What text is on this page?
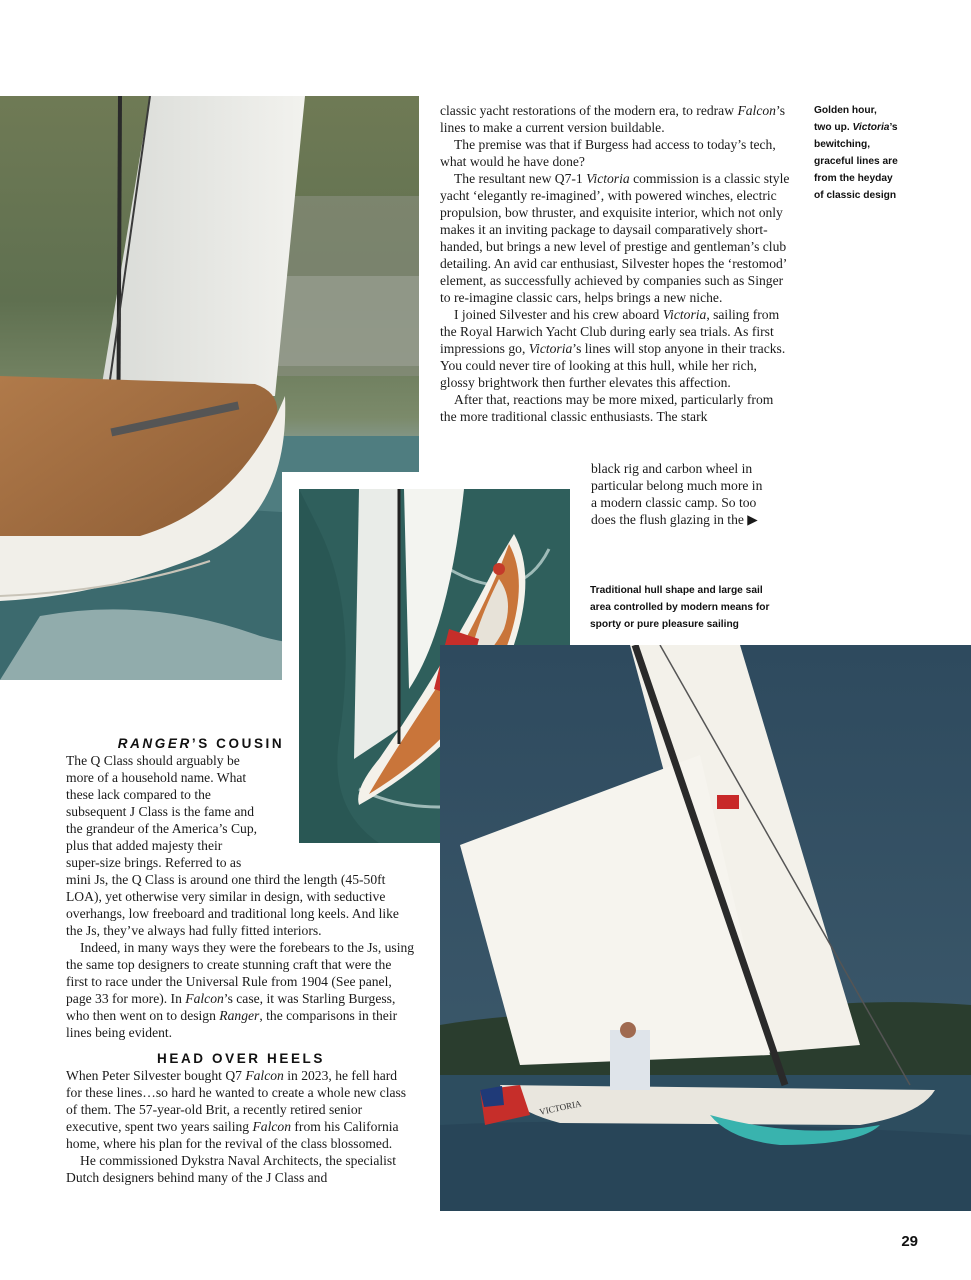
VICTORIA

classic yacht restorations of the modern era, to redraw Falcon’s lines to make a current version buildable.

The premise was that if Burgess had access to today’s tech, what would he have done?

The resultant new Q7-1 Victoria commission is a classic style yacht ‘elegantly re-imagined’, with powered winches, electric propulsion, bow thruster, and exquisite interior, which not only makes it an inviting package to daysail comparatively short-handed, but brings a new level of prestige and gentleman’s club detailing. An avid car enthusiast, Silvester hopes the ‘restomod’ element, as successfully achieved by companies such as Singer to re-imagine classic cars, helps brings a new niche.

I joined Silvester and his crew aboard Victoria, sailing from the Royal Harwich Yacht Club during early sea trials. As first impressions go, Victoria’s lines will stop anyone in their tracks. You could never tire of looking at this hull, while her rich, glossy brightwork then further elevates this affection.

After that, reactions may be more mixed, particularly from the more traditional classic enthusiasts. The stark

black rig and carbon wheel in
particular belong much more in
a modern classic camp. So too
does the flush glazing in the ▶
Golden hour,
two up. Victoria’s
bewitching,
graceful lines are
from the heyday
of classic design
Traditional hull shape and large sail
area controlled by modern means for
sporty or pure pleasure sailing
RANGER’S COUSIN
The Q Class should arguably be
more of a household name. What
these lack compared to the
subsequent J Class is the fame and
the grandeur of the America’s Cup,
plus that added majesty their
super-size brings. Referred to as

mini Js, the Q Class is around one third the length (45-50ft LOA), yet otherwise very similar in design, with seductive overhangs, low freeboard and traditional long keels. And like the Js, they’ve always had fully fitted interiors.

Indeed, in many ways they were the forebears to the Js, using the same top designers to create stunning craft that were the first to race under the Universal Rule from 1904 (See panel, page 33 for more). In Falcon’s case, it was Starling Burgess, who then went on to design Ranger, the comparisons in their lines being evident.

HEAD OVER HEELS

When Peter Silvester bought Q7 Falcon in 2023, he fell hard for these lines…so hard he wanted to create a whole new class of them. The 57-year-old Brit, a recently retired senior executive, spent two years sailing Falcon from his California home, where his plan for the revival of the class blossomed.

He commissioned Dykstra Naval Architects, the specialist Dutch designers behind many of the J Class and

29
